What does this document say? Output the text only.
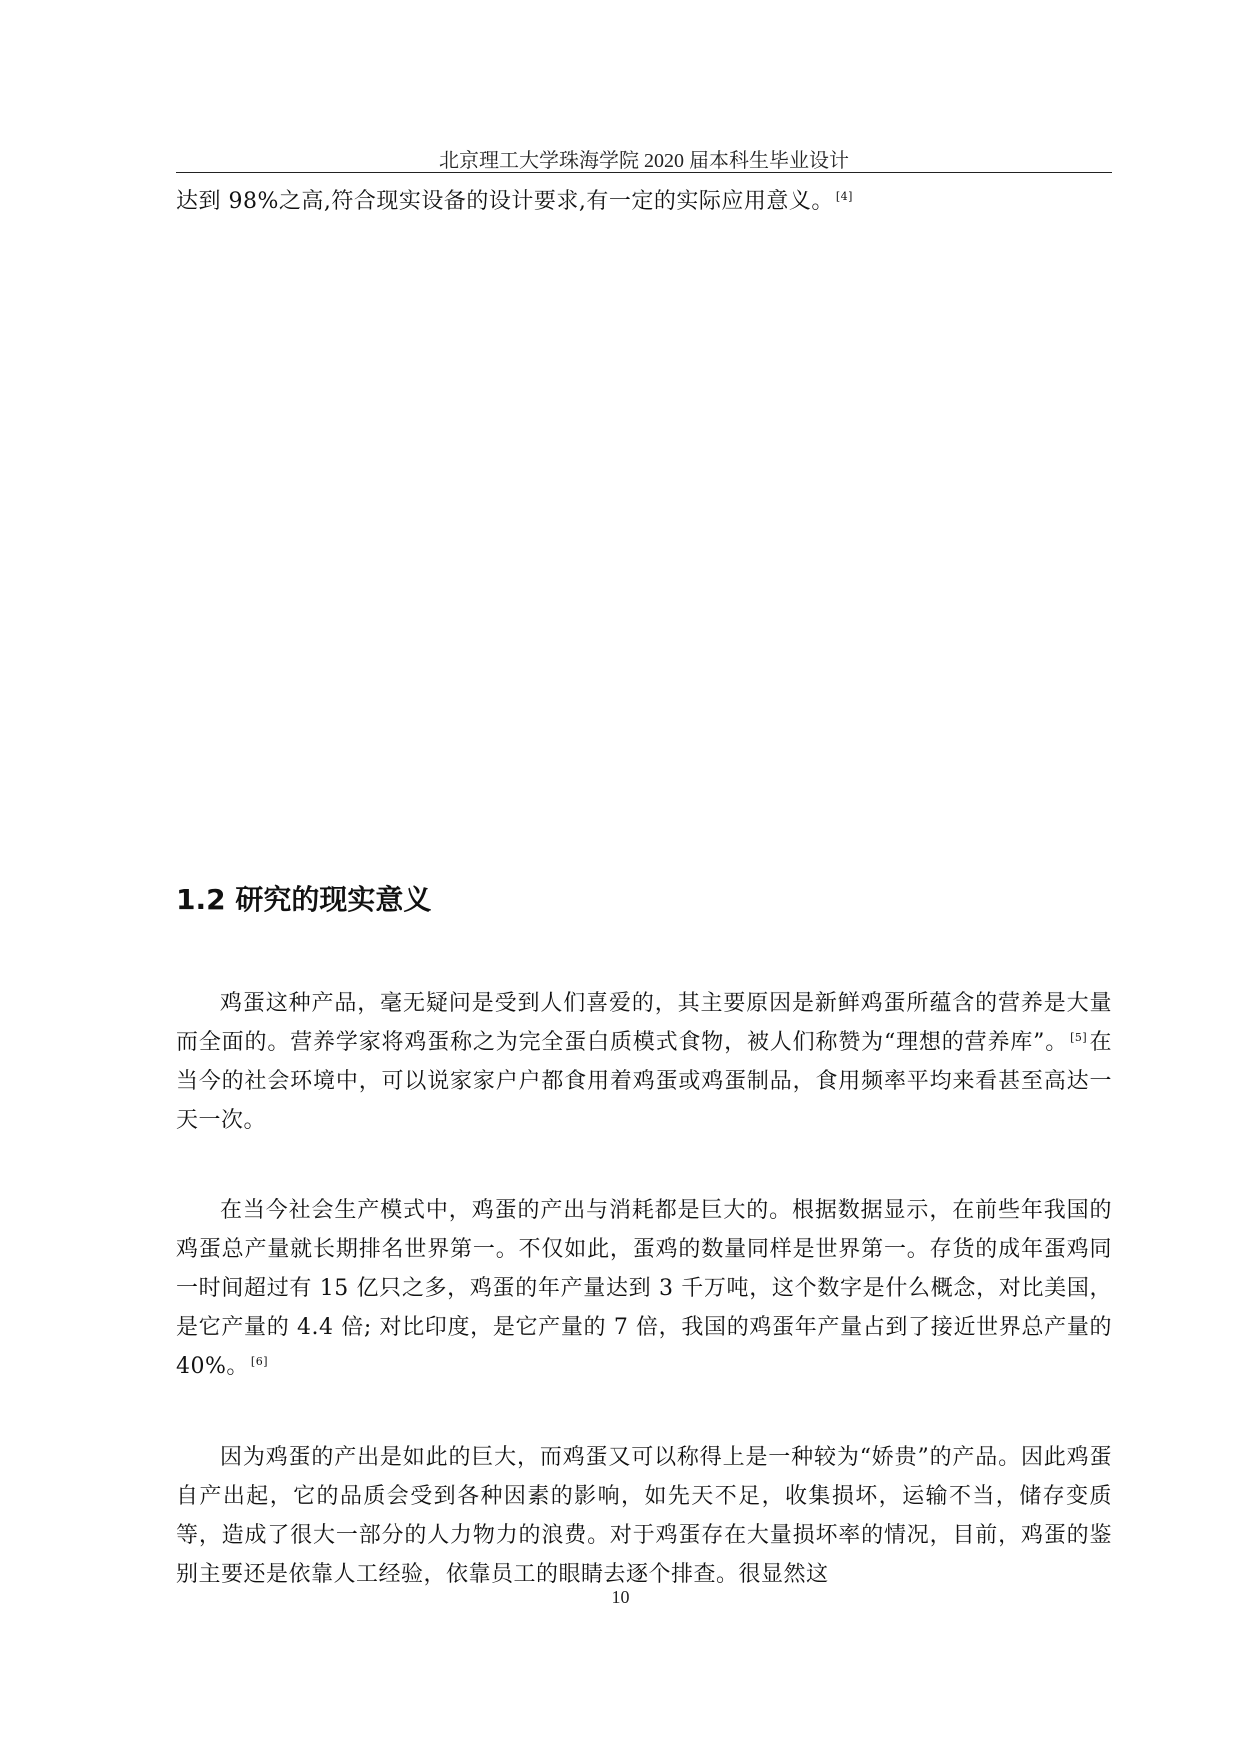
北京理工大学珠海学院 2020 届本科生毕业设计

达到 98%之高,符合现实设备的设计要求,有一定的实际应用意义。 [4]

1.2 研究的现实意义

鸡蛋这种产品，毫无疑问是受到人们喜爱的，其主要原因是新鲜鸡蛋所蕴含的营养是大量而全面的。营养学家将鸡蛋称之为完全蛋白质模式食物，被人们称赞为“理想的营养库”。 [5]在当今的社会环境中，可以说家家户户都食用着鸡蛋或鸡蛋制品，食用频率平均来看甚至高达一天一次。

在当今社会生产模式中，鸡蛋的产出与消耗都是巨大的。根据数据显示，在前些年我国的鸡蛋总产量就长期排名世界第一。不仅如此，蛋鸡的数量同样是世界第一。存货的成年蛋鸡同一时间超过有 15 亿只之多，鸡蛋的年产量达到 3 千万吨，这个数字是什么概念，对比美国，是它产量的 4.4 倍; 对比印度，是它产量的 7 倍，我国的鸡蛋年产量占到了接近世界总产量的 40%。 [6]

因为鸡蛋的产出是如此的巨大，而鸡蛋又可以称得上是一种较为“娇贵”的产品。因此鸡蛋自产出起，它的品质会受到各种因素的影响，如先天不足，收集损坏，运输不当，储存变质等，造成了很大一部分的人力物力的浪费。对于鸡蛋存在大量损坏率的情况，目前，鸡蛋的鉴别主要还是依靠人工经验，依靠员工的眼睛去逐个排查。很显然这

10
